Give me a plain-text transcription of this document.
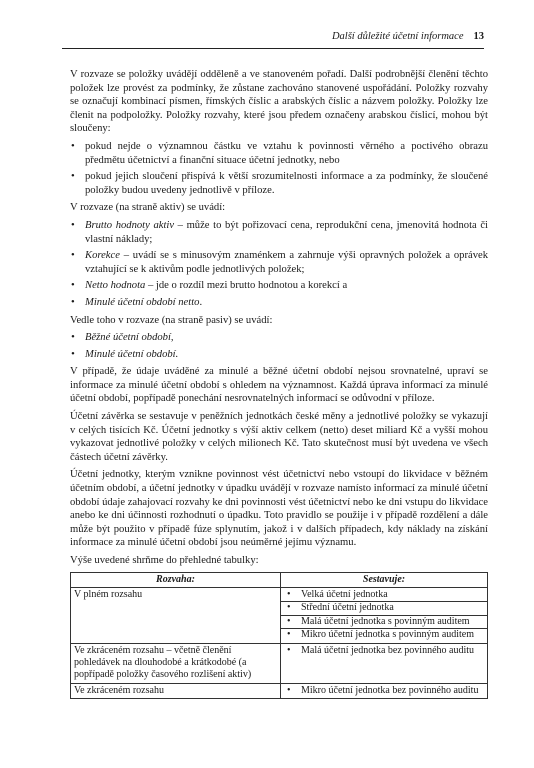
Další důležité účetní informace 13

V rozvaze se položky uvádějí odděleně a ve stanoveném pořadí. Další podrobnější členění těchto položek lze provést za podmínky, že zůstane zachováno stanovené uspořádání. Položky rozvahy se označují kombinací písmen, římských číslic a arabských číslic a názvem položky. Položky lze členit na podpoložky. Položky rozvahy, které jsou předem označeny arabskou číslicí, mohou být sloučeny:

• pokud nejde o významnou částku ve vztahu k povinnosti věrného a poctivého obrazu předmětu účetnictví a finanční situace účetní jednotky, nebo
• pokud jejich sloučení přispívá k větší srozumitelnosti informace a za podmínky, že sloučené položky budou uvedeny jednotlivě v příloze.

V rozvaze (na straně aktiv) se uvádí:

• Brutto hodnoty aktiv – může to být pořizovací cena, reprodukční cena, jmenovitá hodnota či vlastní náklady;
• Korekce – uvádí se s minusovým znaménkem a zahrnuje výši opravných položek a oprávek vztahující se k aktivům podle jednotlivých položek;
• Netto hodnota – jde o rozdíl mezi brutto hodnotou a korekcí a
• Minulé účetní období netto.

Vedle toho v rozvaze (na straně pasiv) se uvádí:

• Běžné účetní období,
• Minulé účetní období.

V případě, že údaje uváděné za minulé a běžné účetní období nejsou srovnatelné, upraví se informace za minulé účetní období s ohledem na významnost. Každá úprava informací za minulé účetní období, popřípadě ponechání nesrovnatelných informací se odůvodní v příloze.

Účetní závěrka se sestavuje v peněžních jednotkách české měny a jednotlivé položky se vykazují v celých tisících Kč. Účetní jednotky s výší aktiv celkem (netto) deset miliard Kč a vyšší mohou vykazovat jednotlivé položky v celých milionech Kč. Tato skutečnost musí být uvedena ve všech částech účetní závěrky.

Účetní jednotky, kterým vznikne povinnost vést účetnictví nebo vstoupí do likvidace v běžném účetním období, a účetní jednotky v úpadku uvádějí v rozvaze namísto informací za minulé účetní období údaje zahajovací rozvahy ke dni povinnosti vést účetnictví nebo ke dni vstupu do likvidace anebo ke dni účinnosti rozhodnutí o úpadku. Toto pravidlo se použije i v případě rozdělení a dále může být použito v případě fúze splynutím, jakož i v dalších případech, kdy náklady na získání informace za minulé účetní období jsou neúměrné jejímu významu.

Výše uvedené shrňme do přehledné tabulky:

Rozvaha:	Sestavuje:
V plném rozsahu	• Velká účetní jednotka
• Střední účetní jednotka
• Malá účetní jednotka s povinným auditem
• Mikro účetní jednotka s povinným auditem

Ve zkráceném rozsahu – včetně členění pohledávek na dlouhodobé a krátkodobé (a popřípadě položky časového rozlišení aktiv)	• Malá účetní jednotka bez povinného auditu

Ve zkráceném rozsahu	• Mikro účetní jednotka bez povinného auditu
